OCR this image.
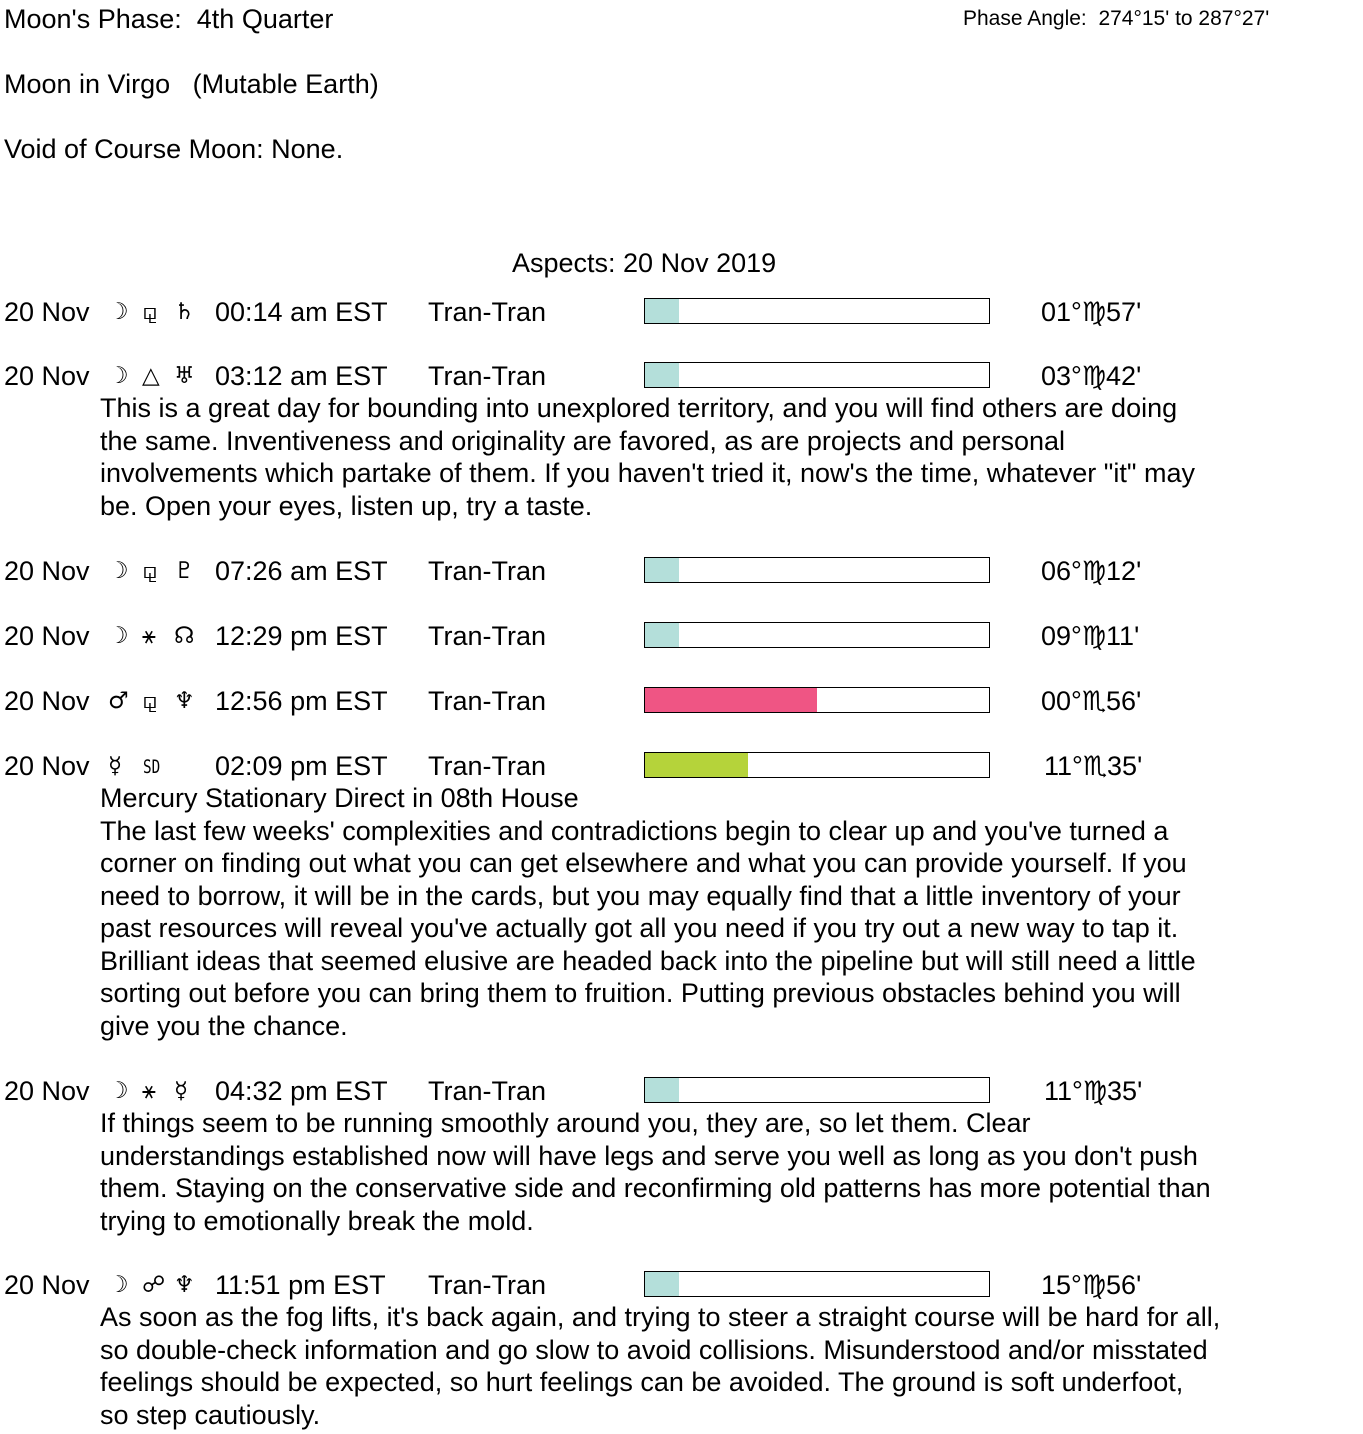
Moon's Phase: 4th Quarter	Phase Angle: 274°15' to 287°27'
Moon in Virgo (Mutable Earth)
Void of Course Moon: None.
Aspects: 20 Nov 2019
20 Nov ☽ ⚼ ♄ 00:14 am EST Tran-Tran	01°♍57'
20 Nov ☽ △ ♅ 03:12 am EST Tran-Tran	03°♍42'
This is a great day for bounding into unexplored territory, and you will find others are doing
the same. Inventiveness and originality are favored, as are projects and personal
involvements which partake of them. If you haven't tried it, now's the time, whatever "it" may
be. Open your eyes, listen up, try a taste.
20 Nov ☽ ⚼ ♇ 07:26 am EST Tran-Tran	06°♍12'
20 Nov ☽ ⚹ ☊ 12:29 pm EST Tran-Tran	09°♍11'
20 Nov ♂ ⚼ ♆ 12:56 pm EST Tran-Tran	00°♏56'
20 Nov ☿ SD 02:09 pm EST Tran-Tran	11°♏35'
Mercury Stationary Direct in 08th House
The last few weeks' complexities and contradictions begin to clear up and you've turned a
corner on finding out what you can get elsewhere and what you can provide yourself. If you
need to borrow, it will be in the cards, but you may equally find that a little inventory of your
past resources will reveal you've actually got all you need if you try out a new way to tap it.
Brilliant ideas that seemed elusive are headed back into the pipeline but will still need a little
sorting out before you can bring them to fruition. Putting previous obstacles behind you will
give you the chance.
20 Nov ☽ ⚹ ☿ 04:32 pm EST Tran-Tran	11°♍35'
If things seem to be running smoothly around you, they are, so let them. Clear
understandings established now will have legs and serve you well as long as you don't push
them. Staying on the conservative side and reconfirming old patterns has more potential than
trying to emotionally break the mold.
20 Nov ☽ ☍ ♆ 11:51 pm EST Tran-Tran	15°♍56'
As soon as the fog lifts, it's back again, and trying to steer a straight course will be hard for all,
so double-check information and go slow to avoid collisions. Misunderstood and/or misstated
feelings should be expected, so hurt feelings can be avoided. The ground is soft underfoot,
so step cautiously.
